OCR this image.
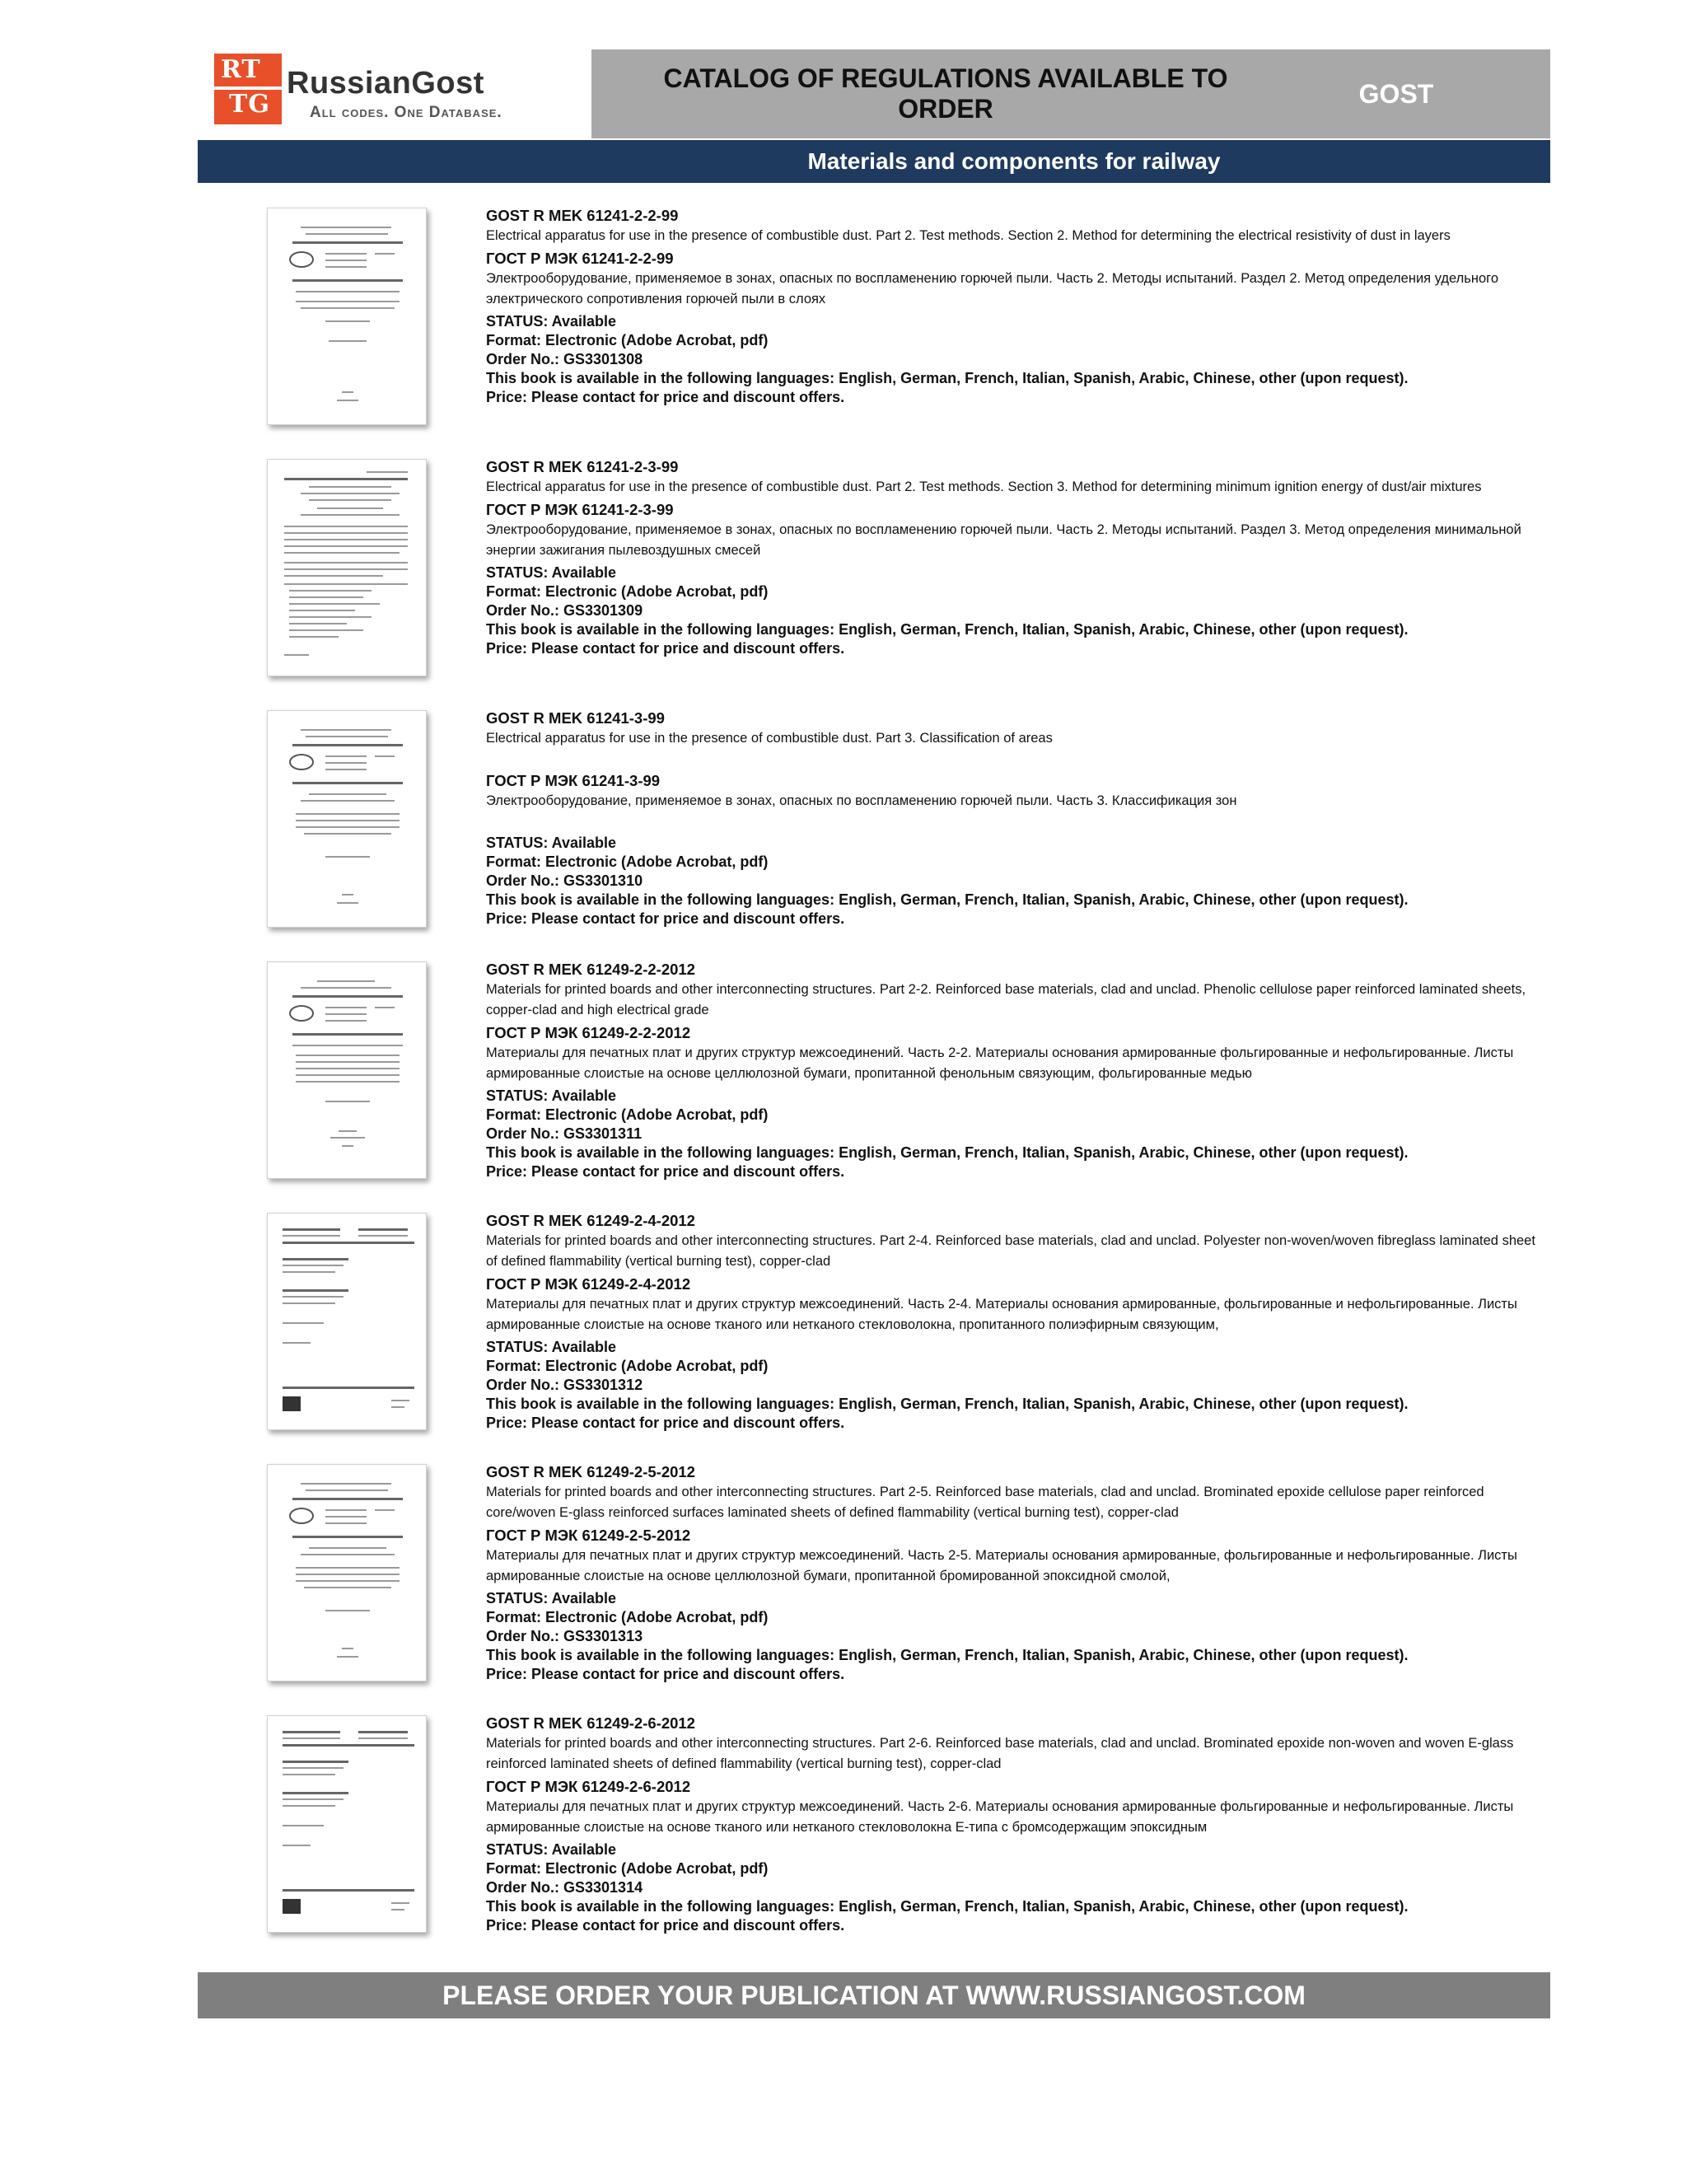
RT
TG
RussianGost
All codes. One Database.
CATALOG OF REGULATIONS AVAILABLE TO ORDER
GOST
Materials and components for railway
GOST R MEK 61241-2-2-99
Electrical apparatus for use in the presence of combustible dust. Part 2. Test methods. Section 2. Method for determining the electrical resistivity of dust in layers
ГОСТ Р МЭК 61241-2-2-99
Электрооборудование, применяемое в зонах, опасных по воспламенению горючей пыли. Часть 2. Методы испытаний. Раздел 2. Метод определения удельного электрического сопротивления горючей пыли в слоях
STATUS: Available
Format: Electronic (Adobe Acrobat, pdf)
Order No.: GS3301308
This book is available in the following languages: English, German, French, Italian, Spanish, Arabic, Chinese, other (upon request).
Price: Please contact for price and discount offers.
GOST R MEK 61241-2-3-99
Electrical apparatus for use in the presence of combustible dust. Part 2. Test methods. Section 3. Method for determining minimum ignition energy of dust/air mixtures
ГОСТ Р МЭК 61241-2-3-99
Электрооборудование, применяемое в зонах, опасных по воспламенению горючей пыли. Часть 2. Методы испытаний. Раздел 3. Метод определения минимальной энергии зажигания пылевоздушных смесей
STATUS: Available
Format: Electronic (Adobe Acrobat, pdf)
Order No.: GS3301309
This book is available in the following languages: English, German, French, Italian, Spanish, Arabic, Chinese, other (upon request).
Price: Please contact for price and discount offers.
GOST R MEK 61241-3-99
Electrical apparatus for use in the presence of combustible dust. Part 3. Classification of areas
ГОСТ Р МЭК 61241-3-99
Электрооборудование, применяемое в зонах, опасных по воспламенению горючей пыли. Часть 3. Классификация зон
STATUS: Available
Format: Electronic (Adobe Acrobat, pdf)
Order No.: GS3301310
This book is available in the following languages: English, German, French, Italian, Spanish, Arabic, Chinese, other (upon request).
Price: Please contact for price and discount offers.
GOST R MEK 61249-2-2-2012
Materials for printed boards and other interconnecting structures. Part 2-2. Reinforced base materials, clad and unclad. Phenolic cellulose paper reinforced laminated sheets, copper-clad and high electrical grade
ГОСТ Р МЭК 61249-2-2-2012
Материалы для печатных плат и других структур межсоединений. Часть 2-2. Материалы основания армированные фольгированные и нефольгированные. Листы армированные слоистые на основе целлюлозной бумаги, пропитанной фенольным связующим, фольгированные медью
STATUS: Available
Format: Electronic (Adobe Acrobat, pdf)
Order No.: GS3301311
This book is available in the following languages: English, German, French, Italian, Spanish, Arabic, Chinese, other (upon request).
Price: Please contact for price and discount offers.
GOST R MEK 61249-2-4-2012
Materials for printed boards and other interconnecting structures. Part 2-4. Reinforced base materials, clad and unclad. Polyester non-woven/woven fibreglass laminated sheet of defined flammability (vertical burning test), copper-clad
ГОСТ Р МЭК 61249-2-4-2012
Материалы для печатных плат и других структур межсоединений. Часть 2-4. Материалы основания армированные, фольгированные и нефольгированные. Листы армированные слоистые на основе тканого или нетканого стекловолокна, пропитанного полиэфирным связующим,
STATUS: Available
Format: Electronic (Adobe Acrobat, pdf)
Order No.: GS3301312
This book is available in the following languages: English, German, French, Italian, Spanish, Arabic, Chinese, other (upon request).
Price: Please contact for price and discount offers.
GOST R MEK 61249-2-5-2012
Materials for printed boards and other interconnecting structures. Part 2-5. Reinforced base materials, clad and unclad. Brominated epoxide cellulose paper reinforced core/woven E-glass reinforced surfaces laminated sheets of defined flammability (vertical burning test), copper-clad
ГОСТ Р МЭК 61249-2-5-2012
Материалы для печатных плат и других структур межсоединений. Часть 2-5. Материалы основания армированные, фольгированные и нефольгированные. Листы армированные слоистые на основе целлюлозной бумаги, пропитанной бромированной эпоксидной смолой,
STATUS: Available
Format: Electronic (Adobe Acrobat, pdf)
Order No.: GS3301313
This book is available in the following languages: English, German, French, Italian, Spanish, Arabic, Chinese, other (upon request).
Price: Please contact for price and discount offers.
GOST R MEK 61249-2-6-2012
Materials for printed boards and other interconnecting structures. Part 2-6. Reinforced base materials, clad and unclad. Brominated epoxide non-woven and woven E-glass reinforced laminated sheets of defined flammability (vertical burning test), copper-clad
ГОСТ Р МЭК 61249-2-6-2012
Материалы для печатных плат и других структур межсоединений. Часть 2-6. Материалы основания армированные фольгированные и нефольгированные. Листы армированные слоистые на основе тканого или нетканого стекловолокна Е-типа с бромсодержащим эпоксидным
STATUS: Available
Format: Electronic (Adobe Acrobat, pdf)
Order No.: GS3301314
This book is available in the following languages: English, German, French, Italian, Spanish, Arabic, Chinese, other (upon request).
Price: Please contact for price and discount offers.
PLEASE ORDER YOUR PUBLICATION AT WWW.RUSSIANGOST.COM
